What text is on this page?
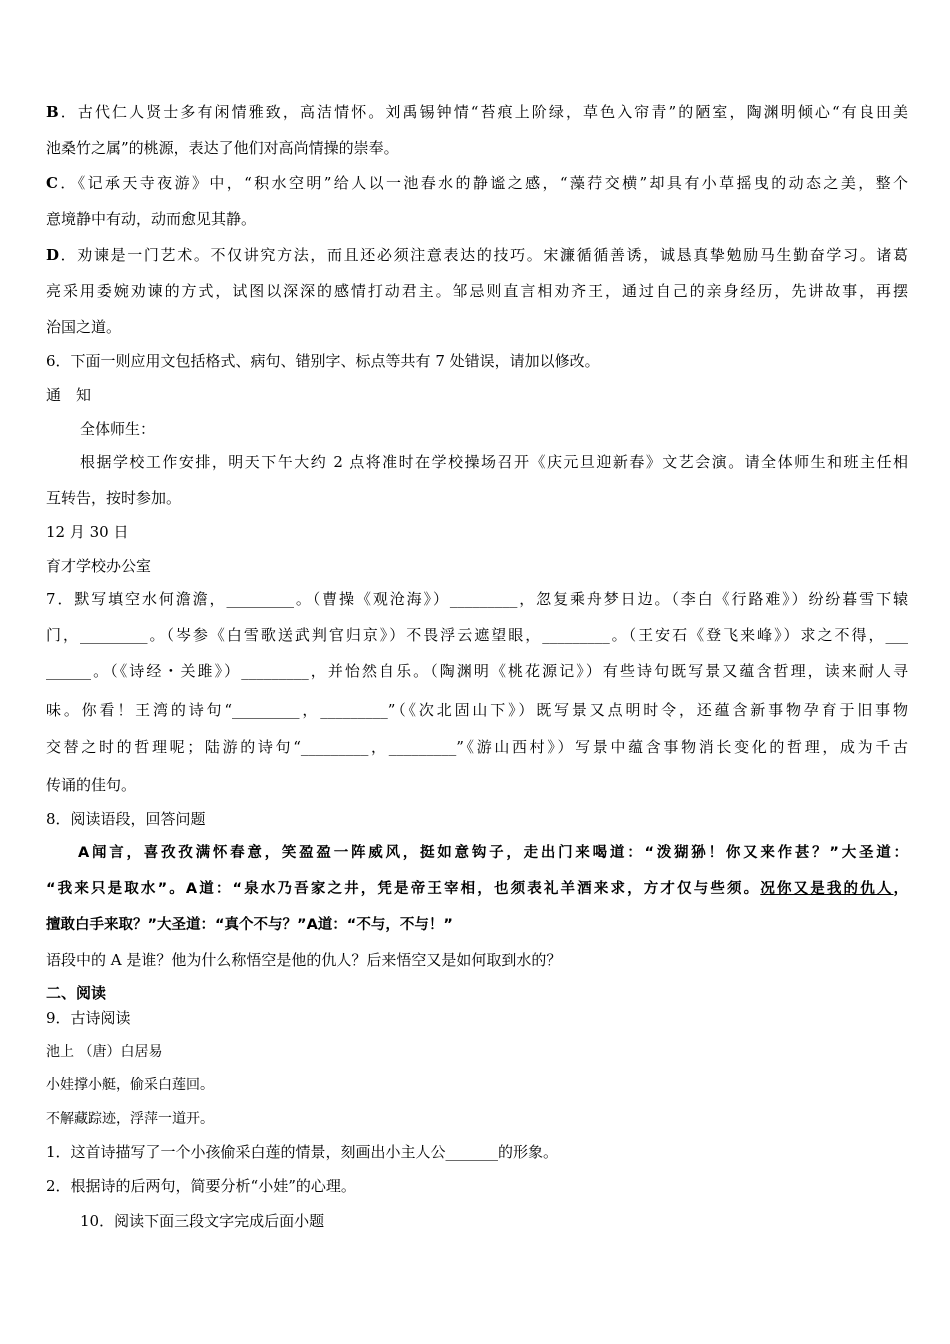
B．古代仁人贤士多有闲情雅致，高洁情怀。刘禹锡钟情“苔痕上阶绿，草色入帘青”的陋室，陶渊明倾心“有良田美

池桑竹之属”的桃源，表达了他们对高尚情操的崇奉。

C．《记承天寺夜游》中，“积水空明”给人以一池春水的静谧之感，“藻荇交横”却具有小草摇曳的动态之美，整个

意境静中有动，动而愈见其静。

D．劝谏是一门艺术。不仅讲究方法，而且还必须注意表达的技巧。宋濂循循善诱，诚恳真挚勉励马生勤奋学习。诸葛

亮采用委婉劝谏的方式，试图以深深的感情打动君主。邹忌则直言相劝齐王，通过自己的亲身经历，先讲故事，再摆

治国之道。

6．下面一则应用文包括格式、病句、错别字、标点等共有 7 处错误，请加以修改。

通　知

全体师生：

根据学校工作安排，明天下午大约 2 点将准时在学校操场召开《庆元旦迎新春》文艺会演。请全体师生和班主任相

互转告，按时参加。

12 月 30 日

育才学校办公室

7．默写填空水何澹澹，_________。（曹操《观沧海》）_________，忽复乘舟梦日边。（李白《行路难》）纷纷暮雪下辕

门，_________。（岑参《白雪歌送武判官归京》）不畏浮云遮望眼，_________。（王安石《登飞来峰》）求之不得，___

______。（《诗经・关雎》）_________，并怡然自乐。（陶渊明《桃花源记》）有些诗句既写景又蕴含哲理，读来耐人寻

味。你看！王湾的诗句“_________，_________”（《次北固山下》）既写景又点明时令，还蕴含新事物孕育于旧事物

交替之时的哲理呢；陆游的诗句“_________，_________”《游山西村》）写景中蕴含事物消长变化的哲理，成为千古

传诵的佳句。

8．阅读语段，回答问题

A闻言，喜孜孜满怀春意，笑盈盈一阵威风，挺如意钩子，走出门来喝道：“泼猢狲！你又来作甚？”大圣道：

“我来只是取水”。A道：“泉水乃吾家之井，凭是帝王宰相，也须表礼羊酒来求，方才仅与些须。况你又是我的仇人，

擅敢白手来取？”大圣道：“真个不与？”A道：“不与，不与！”

语段中的 A 是谁？他为什么称悟空是他的仇人？后来悟空又是如何取到水的？

二、阅读

9．古诗阅读

池上 （唐）白居易

小娃撑小艇，偷采白莲回。

不解藏踪迹，浮萍一道开。

1．这首诗描写了一个小孩偷采白莲的情景，刻画出小主人公_______的形象。

2．根据诗的后两句，简要分析“小娃”的心理。

10．阅读下面三段文字完成后面小题
